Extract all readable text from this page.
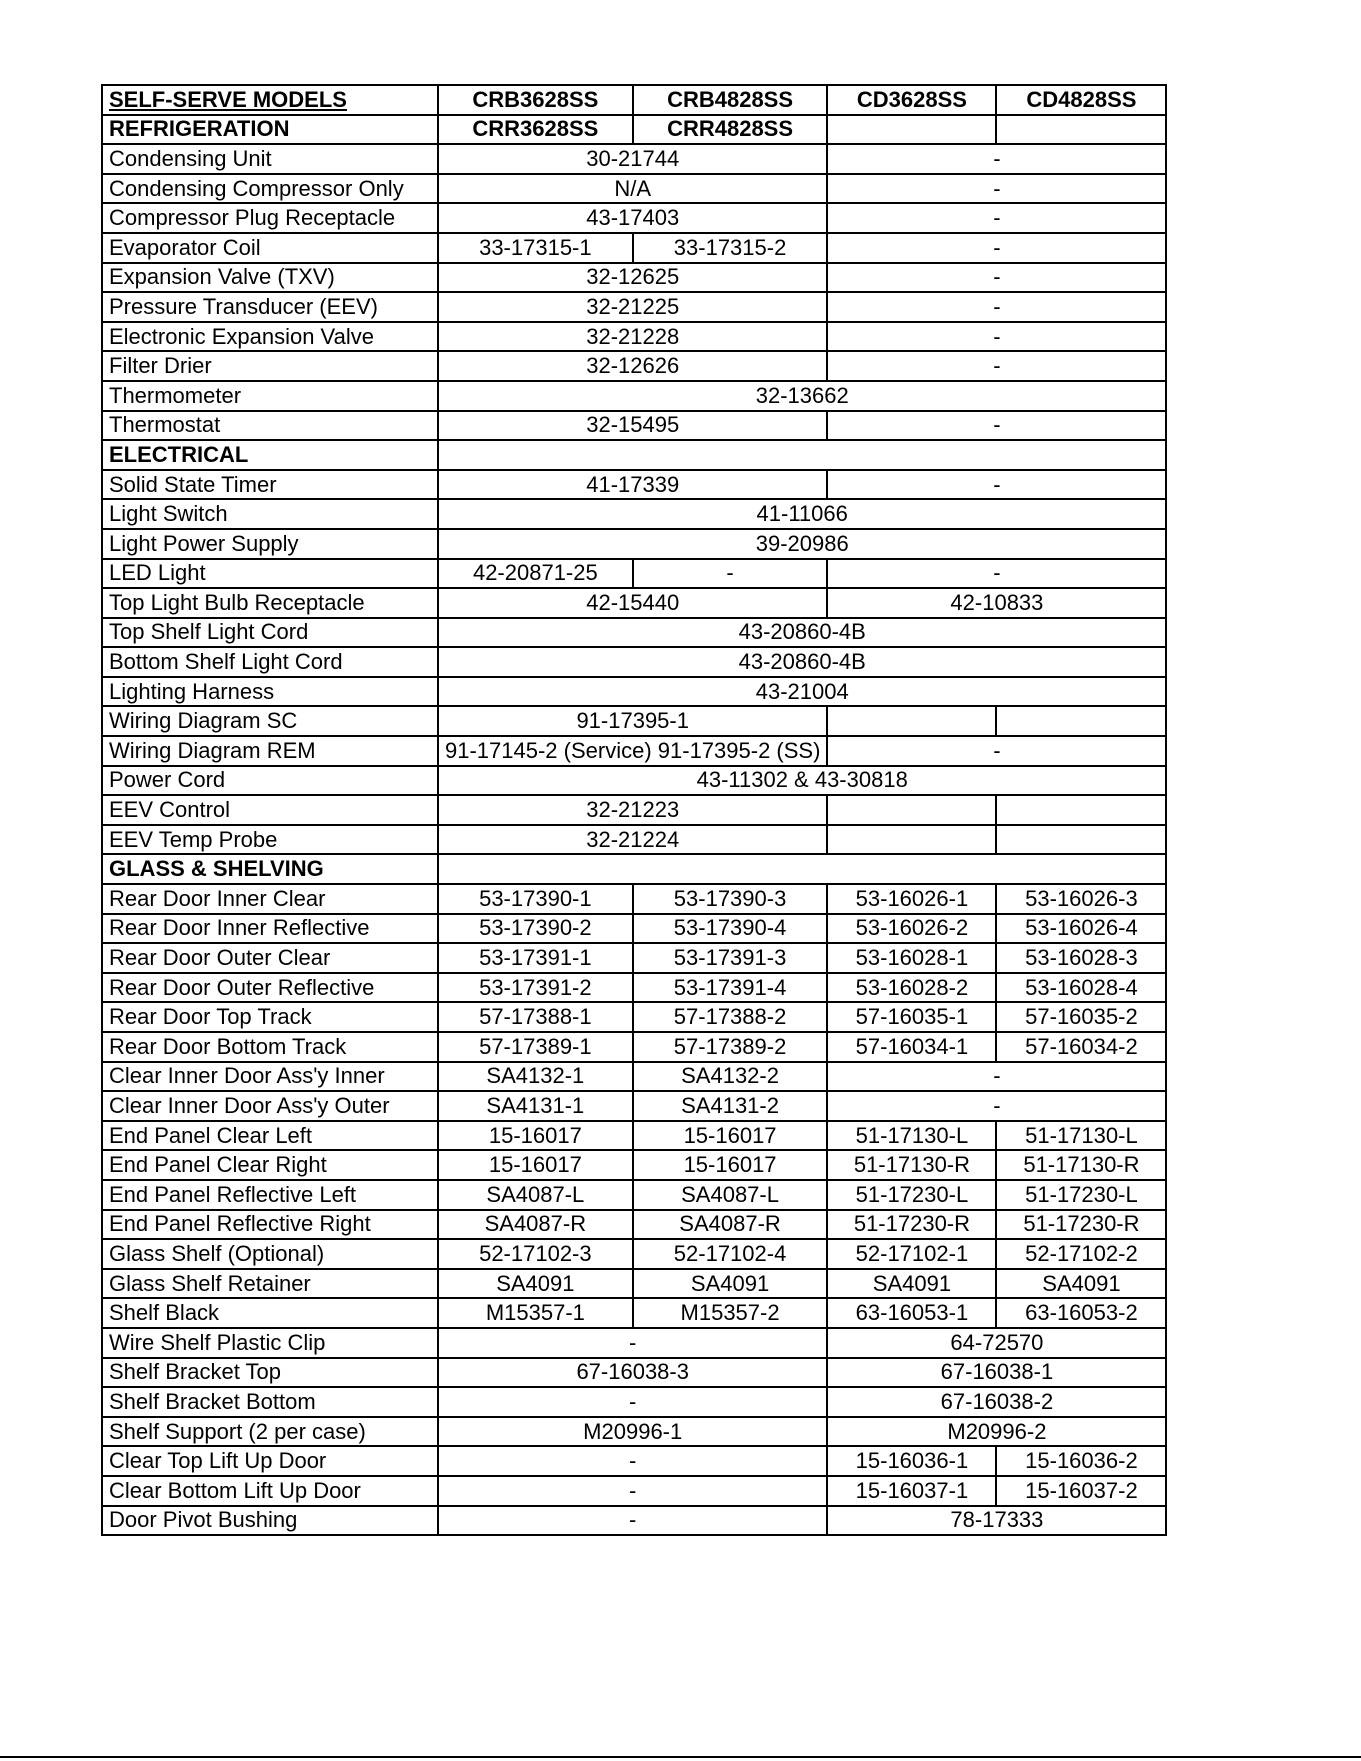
SELF-SERVE MODELS	CRB3628SS	CRB4828SS	CD3628SS	CD4828SS
REFRIGERATION	CRR3628SS	CRR4828SS		
Condensing Unit	30-21744		-	
Condensing Compressor Only	N/A		-	
Compressor Plug Receptacle	43-17403		-	
Evaporator Coil	33-17315-1	33-17315-2	-	
Expansion Valve (TXV)	32-12625		-	
Pressure Transducer (EEV)	32-21225		-	
Electronic Expansion Valve	32-21228		-	
Filter Drier	32-12626		-	
Thermometer	32-13662			
Thermostat	32-15495		-	
ELECTRICAL				
Solid State Timer	41-17339		-	
Light Switch	41-11066			
Light Power Supply	39-20986			
LED Light	42-20871-25	-	-	
Top Light Bulb Receptacle	42-15440		42-10833	
Top Shelf Light Cord	43-20860-4B			
Bottom Shelf Light Cord	43-20860-4B			
Lighting Harness	43-21004			
Wiring Diagram SC	91-17395-1			
Wiring Diagram REM	91-17145-2 (Service) 91-17395-2 (SS)		-	
Power Cord	43-11302 & 43-30818			
EEV Control	32-21223			
EEV Temp Probe	32-21224			
GLASS & SHELVING				
Rear Door Inner Clear	53-17390-1	53-17390-3	53-16026-1	53-16026-3
Rear Door Inner Reflective	53-17390-2	53-17390-4	53-16026-2	53-16026-4
Rear Door Outer Clear	53-17391-1	53-17391-3	53-16028-1	53-16028-3
Rear Door Outer Reflective	53-17391-2	53-17391-4	53-16028-2	53-16028-4
Rear Door Top Track	57-17388-1	57-17388-2	57-16035-1	57-16035-2
Rear Door Bottom Track	57-17389-1	57-17389-2	57-16034-1	57-16034-2
Clear Inner Door Ass'y Inner	SA4132-1	SA4132-2	-	
Clear Inner Door Ass'y Outer	SA4131-1	SA4131-2	-	
End Panel Clear Left	15-16017	15-16017	51-17130-L	51-17130-L
End Panel Clear Right	15-16017	15-16017	51-17130-R	51-17130-R
End Panel Reflective Left	SA4087-L	SA4087-L	51-17230-L	51-17230-L
End Panel Reflective Right	SA4087-R	SA4087-R	51-17230-R	51-17230-R
Glass Shelf (Optional)	52-17102-3	52-17102-4	52-17102-1	52-17102-2
Glass Shelf Retainer	SA4091	SA4091	SA4091	SA4091
Shelf Black	M15357-1	M15357-2	63-16053-1	63-16053-2
Wire Shelf Plastic Clip	-		64-72570	
Shelf Bracket Top	67-16038-3		67-16038-1	
Shelf Bracket Bottom	-		67-16038-2	
Shelf Support (2 per case)	M20996-1		M20996-2	
Clear Top Lift Up Door	-		15-16036-1	15-16036-2
Clear Bottom Lift Up Door	-		15-16037-1	15-16037-2
Door Pivot Bushing	-		78-17333	
